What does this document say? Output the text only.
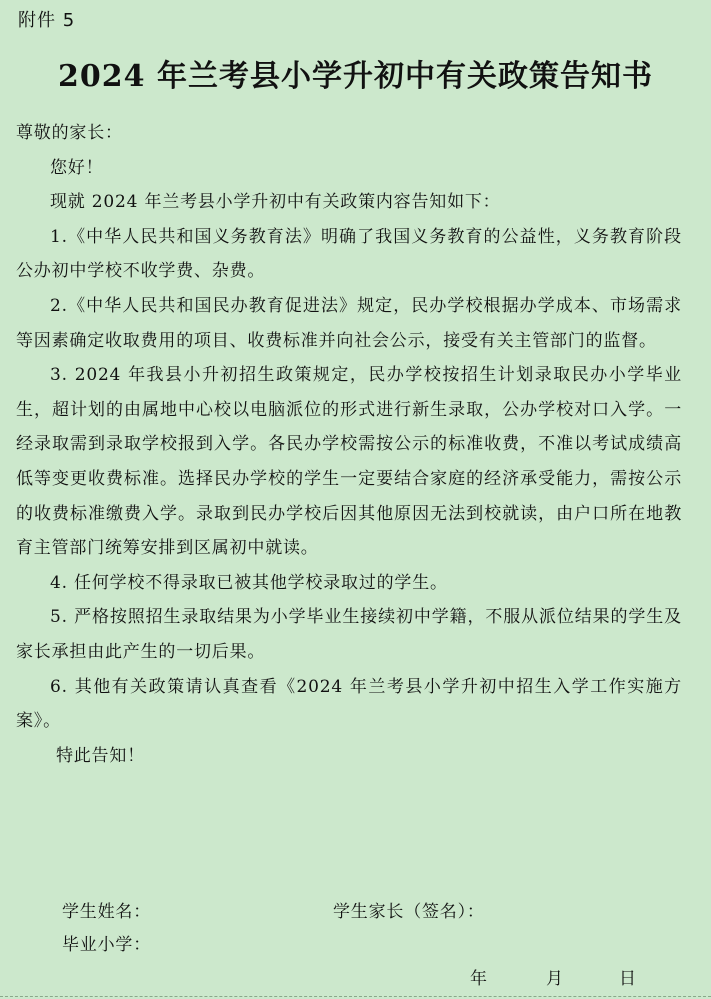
附件 5
2024 年兰考县小学升初中有关政策告知书

尊敬的家长：

您好！

现就 2024 年兰考县小学升初中有关政策内容告知如下：

1.《中华人民共和国义务教育法》明确了我国义务教育的公益性，义务教育阶段公办初中学校不收学费、杂费。

2.《中华人民共和国民办教育促进法》规定，民办学校根据办学成本、市场需求等因素确定收取费用的项目、收费标准并向社会公示，接受有关主管部门的监督。

3. 2024 年我县小升初招生政策规定，民办学校按招生计划录取民办小学毕业生，超计划的由属地中心校以电脑派位的形式进行新生录取，公办学校对口入学。一经录取需到录取学校报到入学。各民办学校需按公示的标准收费，不准以考试成绩高低等变更收费标准。选择民办学校的学生一定要结合家庭的经济承受能力，需按公示的收费标准缴费入学。录取到民办学校后因其他原因无法到校就读，由户口所在地教育主管部门统筹安排到区属初中就读。

4. 任何学校不得录取已被其他学校录取过的学生。

5. 严格按照招生录取结果为小学毕业生接续初中学籍，不服从派位结果的学生及家长承担由此产生的一切后果。

6. 其他有关政策请认真查看《2024 年兰考县小学升初中招生入学工作实施方案》。

特此告知！

学生姓名：	学生家长（签名）：
毕业小学：
年	月	日
